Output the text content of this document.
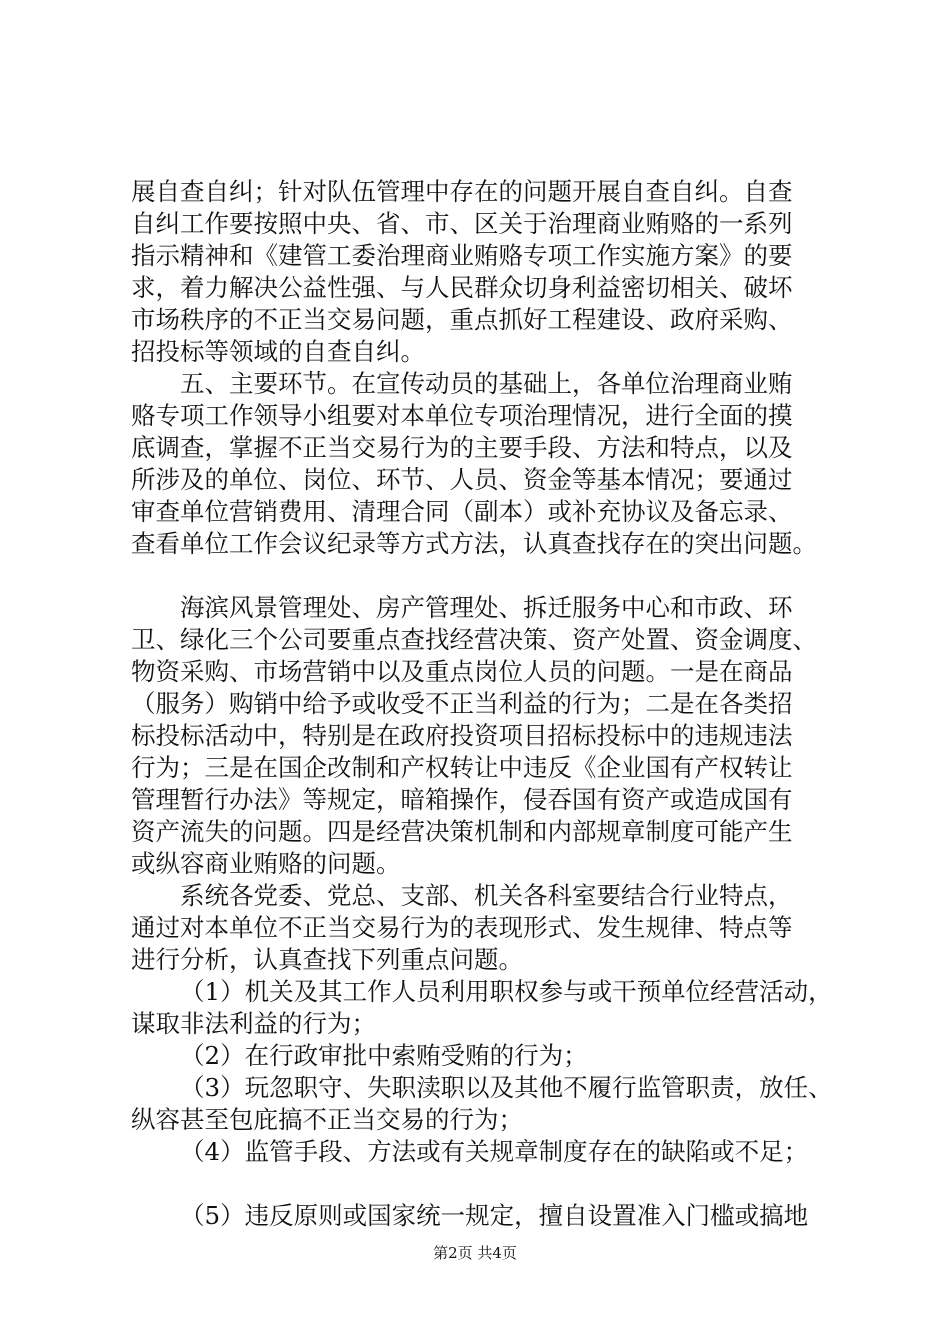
展自查自纠；针对队伍管理中存在的问题开展自查自纠。自查
自纠工作要按照中央、省、市、区关于治理商业贿赂的一系列
指示精神和《建管工委治理商业贿赂专项工作实施方案》的要
求，着力解决公益性强、与人民群众切身利益密切相关、破坏
市场秩序的不正当交易问题，重点抓好工程建设、政府采购、
招投标等领域的自查自纠。
五、主要环节。在宣传动员的基础上，各单位治理商业贿
赂专项工作领导小组要对本单位专项治理情况，进行全面的摸
底调查，掌握不正当交易行为的主要手段、方法和特点，以及
所涉及的单位、岗位、环节、人员、资金等基本情况；要通过
审查单位营销费用、清理合同（副本）或补充协议及备忘录、
查看单位工作会议纪录等方式方法，认真查找存在的突出问题。
海滨风景管理处、房产管理处、拆迁服务中心和市政、环
卫、绿化三个公司要重点查找经营决策、资产处置、资金调度、
物资采购、市场营销中以及重点岗位人员的问题。一是在商品
（服务）购销中给予或收受不正当利益的行为；二是在各类招
标投标活动中，特别是在政府投资项目招标投标中的违规违法
行为；三是在国企改制和产权转让中违反《企业国有产权转让
管理暂行办法》等规定，暗箱操作，侵吞国有资产或造成国有
资产流失的问题。四是经营决策机制和内部规章制度可能产生
或纵容商业贿赂的问题。
系统各党委、党总、支部、机关各科室要结合行业特点，
通过对本单位不正当交易行为的表现形式、发生规律、特点等
进行分析，认真查找下列重点问题。
（1）机关及其工作人员利用职权参与或干预单位经营活动，
谋取非法利益的行为；
（2）在行政审批中索贿受贿的行为；
（3）玩忽职守、失职渎职以及其他不履行监管职责，放任、
纵容甚至包庇搞不正当交易的行为；
（4）监管手段、方法或有关规章制度存在的缺陷或不足；
（5）违反原则或国家统一规定，擅自设置准入门槛或搞地
第2页 共4页
